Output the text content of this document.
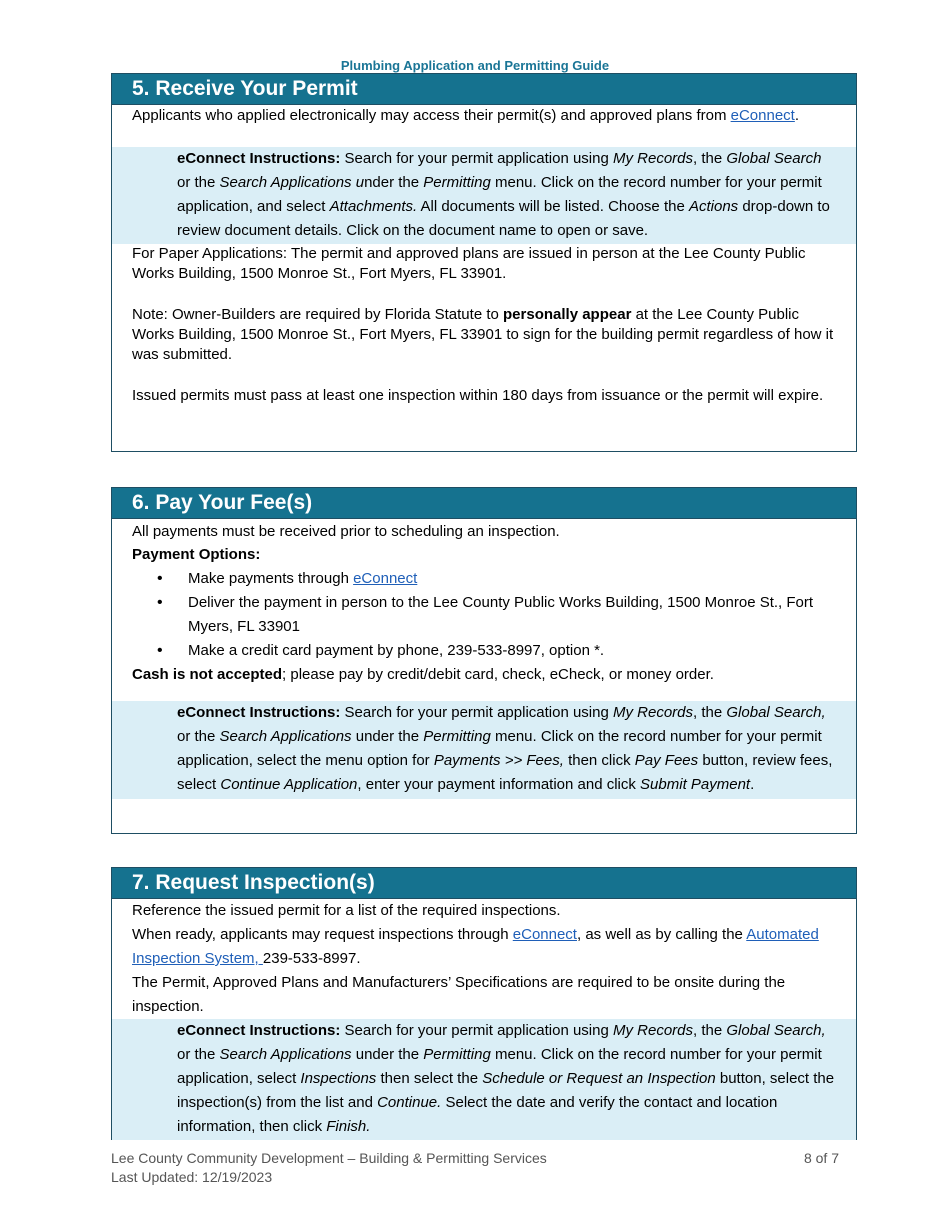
Plumbing Application and Permitting Guide
5. Receive Your Permit
Applicants who applied electronically may access their permit(s) and approved plans from eConnect.
eConnect Instructions: Search for your permit application using My Records, the Global Search or the Search Applications under the Permitting menu. Click on the record number for your permit application, and select Attachments. All documents will be listed. Choose the Actions drop-down to review document details. Click on the document name to open or save.
For Paper Applications: The permit and approved plans are issued in person at the Lee County Public Works Building, 1500 Monroe St., Fort Myers, FL 33901.
Note: Owner-Builders are required by Florida Statute to personally appear at the Lee County Public Works Building, 1500 Monroe St., Fort Myers, FL 33901 to sign for the building permit regardless of how it was submitted.
Issued permits must pass at least one inspection within 180 days from issuance or the permit will expire.
6. Pay Your Fee(s)
All payments must be received prior to scheduling an inspection.
Payment Options:
• Make payments through eConnect
• Deliver the payment in person to the Lee County Public Works Building, 1500 Monroe St., Fort Myers, FL 33901
• Make a credit card payment by phone, 239-533-8997, option *.
Cash is not accepted; please pay by credit/debit card, check, eCheck, or money order.
eConnect Instructions: Search for your permit application using My Records, the Global Search, or the Search Applications under the Permitting menu. Click on the record number for your permit application, select the menu option for Payments >> Fees, then click Pay Fees button, review fees, select Continue Application, enter your payment information and click Submit Payment.
7. Request Inspection(s)
Reference the issued permit for a list of the required inspections.
When ready, applicants may request inspections through eConnect, as well as by calling the Automated Inspection System, 239-533-8997.
The Permit, Approved Plans and Manufacturers’ Specifications are required to be onsite during the inspection.
eConnect Instructions: Search for your permit application using My Records, the Global Search, or the Search Applications under the Permitting menu. Click on the record number for your permit application, select Inspections then select the Schedule or Request an Inspection button, select the inspection(s) from the list and Continue. Select the date and verify the contact and location information, then click Finish.
Lee County Community Development – Building & Permitting Services
Last Updated: 12/19/2023
8 of 7
